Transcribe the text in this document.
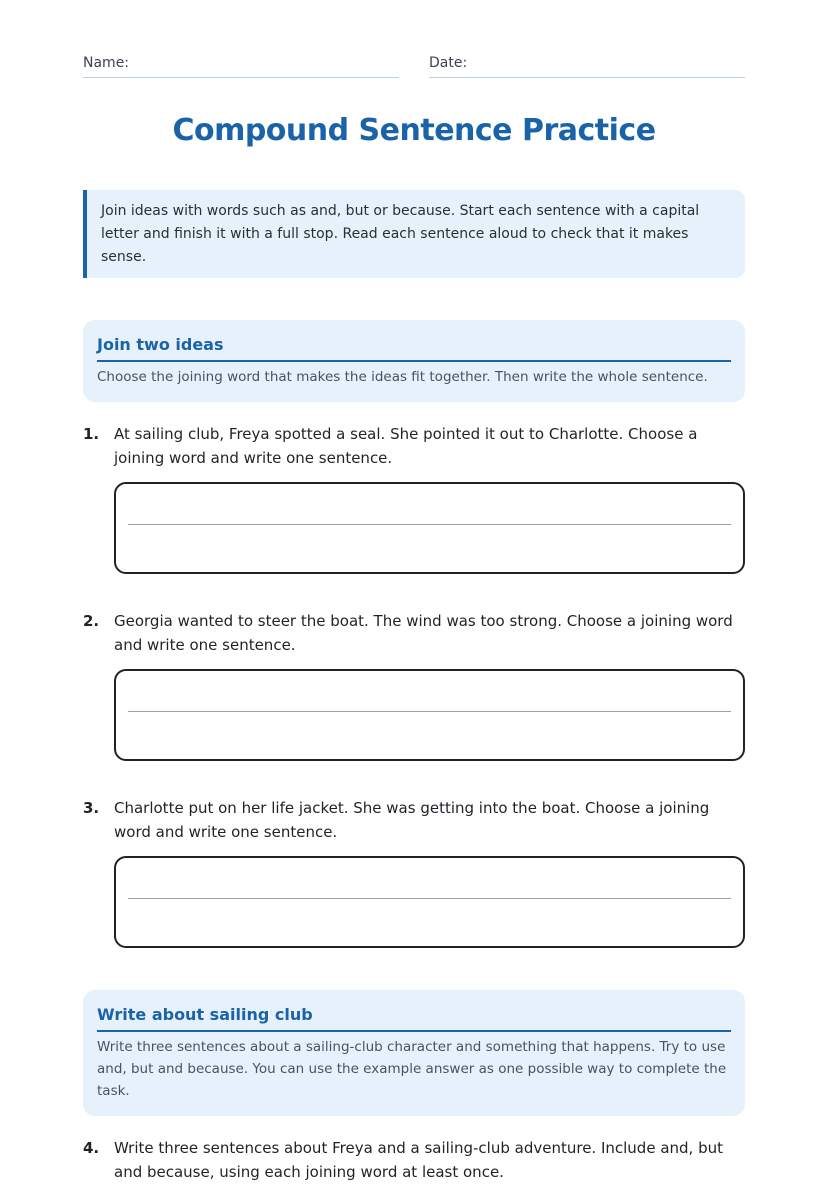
Name:	Date:
Compound Sentence Practice
Join ideas with words such as and, but or because. Start each sentence with a capital letter and finish it with a full stop. Read each sentence aloud to check that it makes sense.
Join two ideas
Choose the joining word that makes the ideas fit together. Then write the whole sentence.
1. At sailing club, Freya spotted a seal. She pointed it out to Charlotte. Choose a joining word and write one sentence.
2. Georgia wanted to steer the boat. The wind was too strong. Choose a joining word and write one sentence.
3. Charlotte put on her life jacket. She was getting into the boat. Choose a joining word and write one sentence.
Write about sailing club
Write three sentences about a sailing-club character and something that happens. Try to use and, but and because. You can use the example answer as one possible way to complete the task.
4. Write three sentences about Freya and a sailing-club adventure. Include and, but and because, using each joining word at least once.
